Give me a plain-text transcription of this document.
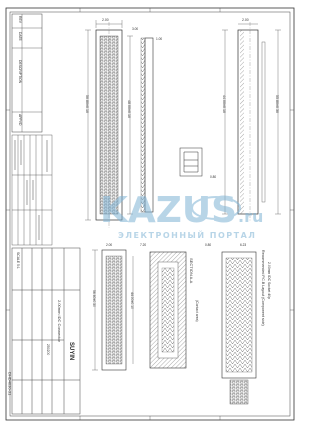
REV
DATE
DESCRIPTION
APPVD
SUYIN
2.00mm IDC Connector
250200
SCALE 5:1
DHD4030-31
50.80±0.10	48.00±0.10	44.00±0.10	55.80±0.30
2.00	2.00
3.00
1.00
56.60±0.30	44.00±0.10
SECTION A-A
(Contact area)	Recommended P.C.B Layout (Component side) 2.00mm IDC Socket 40p
7.20	0.80
2.00	6.23
0.80
KAZUS .ru
ЭЛЕКТРОННЫЙ ПОРТАЛ
